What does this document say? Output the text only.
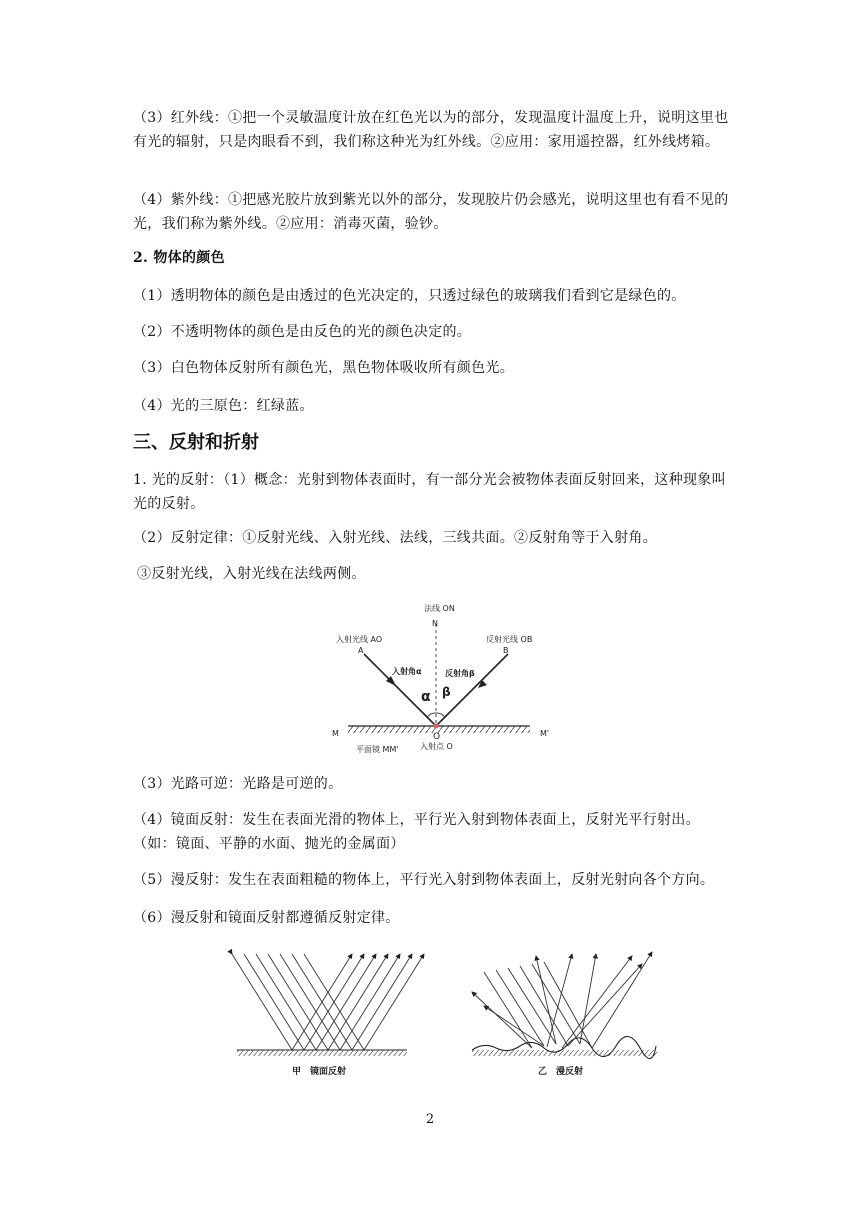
（3）红外线：①把一个灵敏温度计放在红色光以为的部分，发现温度计温度上升，说明这里也有光的辐射，只是肉眼看不到，我们称这种光为红外线。②应用：家用遥控器，红外线烤箱。

（4）紫外线：①把感光胶片放到紫光以外的部分，发现胶片仍会感光，说明这里也有看不见的光，我们称为紫外线。②应用：消毒灭菌，验钞。

2. 物体的颜色

（1）透明物体的颜色是由透过的色光决定的，只透过绿色的玻璃我们看到它是绿色的。

（2）不透明物体的颜色是由反色的光的颜色决定的。

（3）白色物体反射所有颜色光，黑色物体吸收所有颜色光。

（4）光的三原色：红绿蓝。

三、反射和折射

1. 光的反射：（1）概念：光射到物体表面时，有一部分光会被物体表面反射回来，这种现象叫光的反射。

（2）反射定律：①反射光线、入射光线、法线，三线共面。②反射角等于入射角。

③反射光线，入射光线在法线两侧。

法线 ON
N
入射光线 AO
A
反射光线 OB
B
入射角α	反射角β
α β
M	M'
O
平面镜 MM'	入射点 O

（3）光路可逆：光路是可逆的。

（4）镜面反射：发生在表面光滑的物体上，平行光入射到物体表面上，反射光平行射出。（如：镜面、平静的水面、抛光的金属面）

（5）漫反射：发生在表面粗糙的物体上，平行光入射到物体表面上，反射光射向各个方向。

（6）漫反射和镜面反射都遵循反射定律。

甲　镜面反射	乙　漫反射
2
